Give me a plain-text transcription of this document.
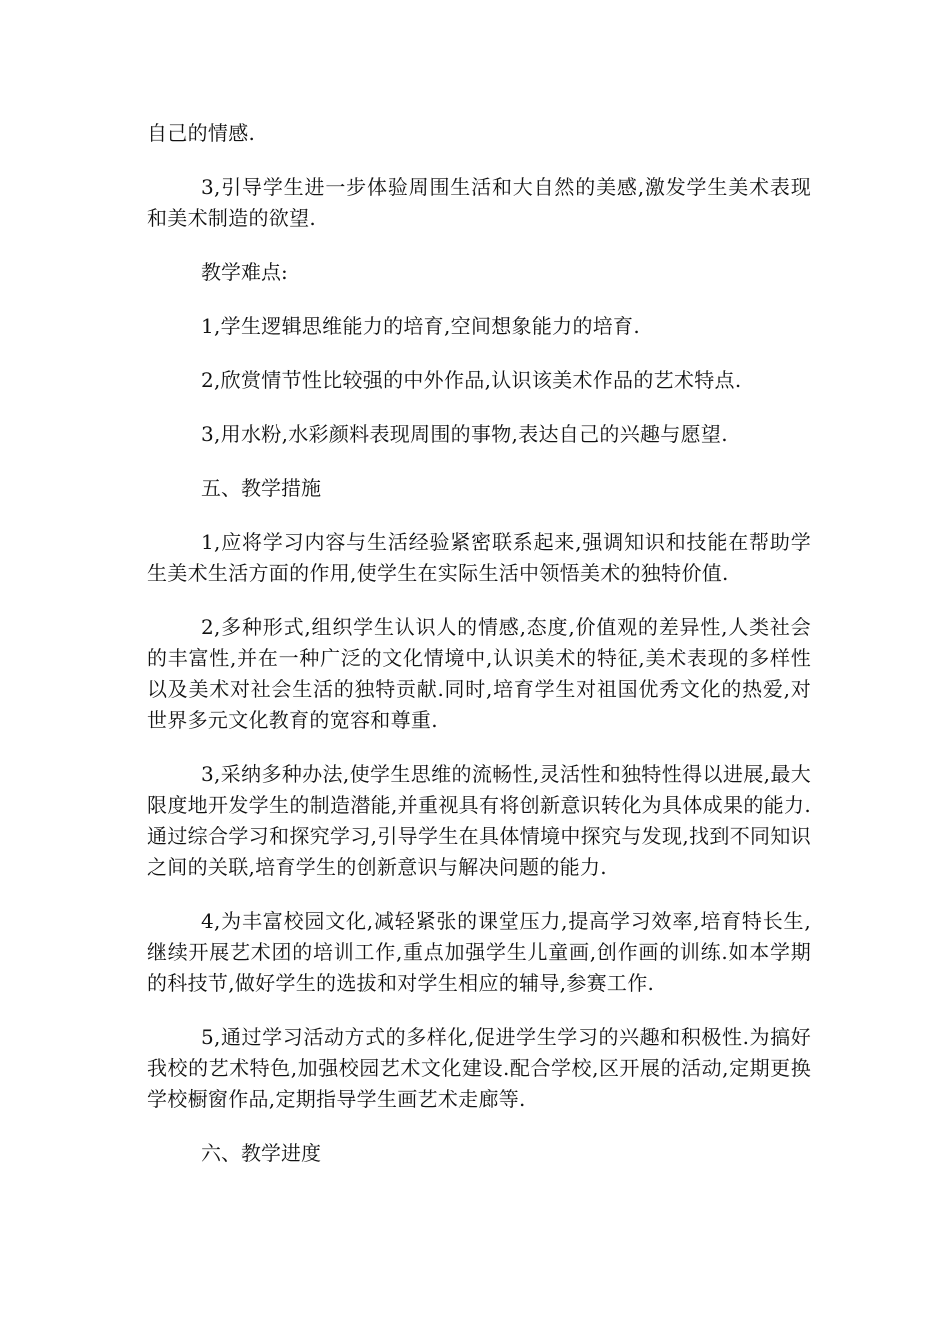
自己的情感.

3,引导学生进一步体验周围生活和大自然的美感,激发学生美术表现和美术制造的欲望.

教学难点:

1,学生逻辑思维能力的培育,空间想象能力的培育.

2,欣赏情节性比较强的中外作品,认识该美术作品的艺术特点.

3,用水粉,水彩颜料表现周围的事物,表达自己的兴趣与愿望.

五、教学措施

1,应将学习内容与生活经验紧密联系起来,强调知识和技能在帮助学生美术生活方面的作用,使学生在实际生活中领悟美术的独特价值.

2,多种形式,组织学生认识人的情感,态度,价值观的差异性,人类社会的丰富性,并在一种广泛的文化情境中,认识美术的特征,美术表现的多样性以及美术对社会生活的独特贡献.同时,培育学生对祖国优秀文化的热爱,对世界多元文化教育的宽容和尊重.

3,采纳多种办法,使学生思维的流畅性,灵活性和独特性得以进展,最大限度地开发学生的制造潜能,并重视具有将创新意识转化为具体成果的能力.通过综合学习和探究学习,引导学生在具体情境中探究与发现,找到不同知识之间的关联,培育学生的创新意识与解决问题的能力.

4,为丰富校园文化,减轻紧张的课堂压力,提高学习效率,培育特长生,继续开展艺术团的培训工作,重点加强学生儿童画,创作画的训练.如本学期的科技节,做好学生的选拔和对学生相应的辅导,参赛工作.

5,通过学习活动方式的多样化,促进学生学习的兴趣和积极性.为搞好我校的艺术特色,加强校园艺术文化建设.配合学校,区开展的活动,定期更换学校橱窗作品,定期指导学生画艺术走廊等.

六、教学进度
